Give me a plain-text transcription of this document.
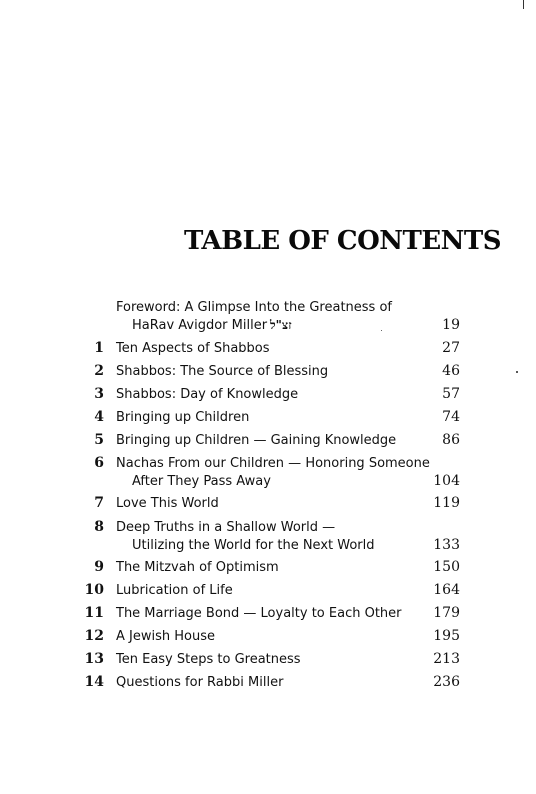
TABLE OF CONTENTS
Foreword: A Glimpse Into the Greatness of
HaRav Avigdor Miller זצ"ל	19
1 Ten Aspects of Shabbos	27
2 Shabbos: The Source of Blessing	46
3 Shabbos: Day of Knowledge	57
4 Bringing up Children	74
5 Bringing up Children — Gaining Knowledge	86
6 Nachas From our Children — Honoring Someone
After They Pass Away	104
7 Love This World	119
8 Deep Truths in a Shallow World —
Utilizing the World for the Next World	133
9 The Mitzvah of Optimism	150
10 Lubrication of Life	164
11 The Marriage Bond — Loyalty to Each Other 179
12 A Jewish House	195
13 Ten Easy Steps to Greatness	213
14 Questions for Rabbi Miller	236
